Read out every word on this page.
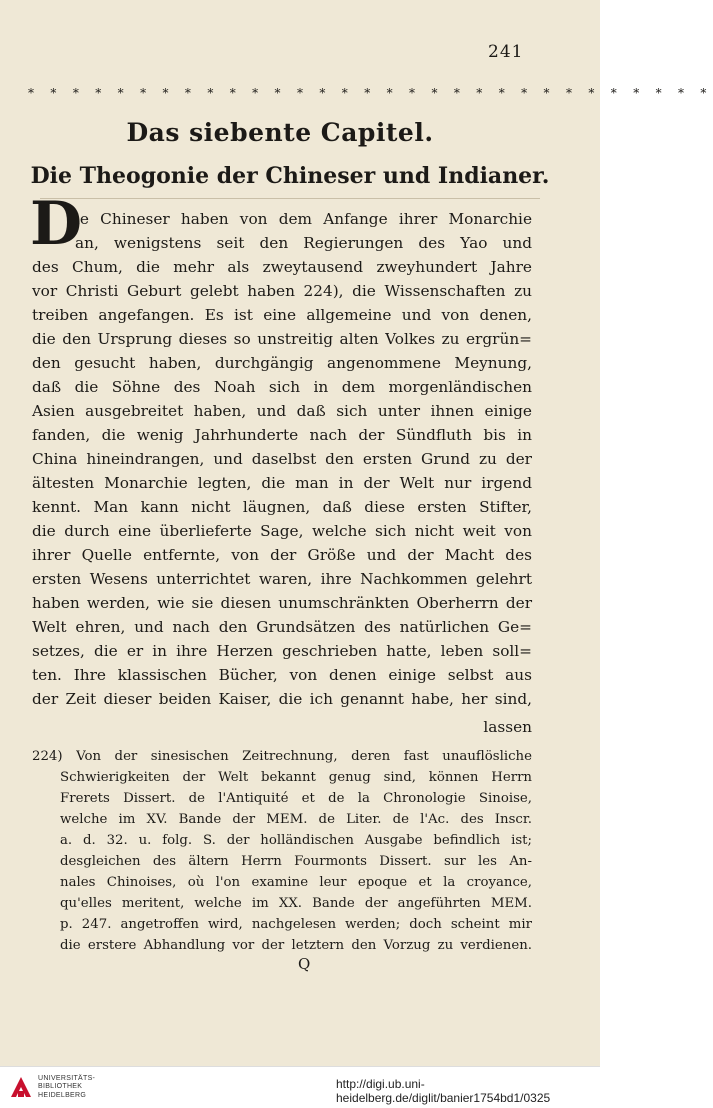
241
* * * * * * * * * * * * * * * * * * * * * * * * * * * * * * *
Das siebente Capitel.
Die Theogonie der Chineser und Indianer.
D
ie Chineser haben von dem Anfange ihrer Monarchie
an, wenigstens seit den Regierungen des Yao und
des Chum, die mehr als zweytausend zweyhundert Jahre
vor Christi Geburt gelebt haben 224), die Wissenschaften zu
treiben angefangen. Es ist eine allgemeine und von denen,
die den Ursprung dieses so unstreitig alten Volkes zu ergrün=
den gesucht haben, durchgängig angenommene Meynung,
daß die Söhne des Noah sich in dem morgenländischen
Asien ausgebreitet haben, und daß sich unter ihnen einige
fanden, die wenig Jahrhunderte nach der Sündfluth bis in
China hineindrangen, und daselbst den ersten Grund zu der
ältesten Monarchie legten, die man in der Welt nur irgend
kennt. Man kann nicht läugnen, daß diese ersten Stifter,
die durch eine überlieferte Sage, welche sich nicht weit von
ihrer Quelle entfernte, von der Größe und der Macht des
ersten Wesens unterrichtet waren, ihre Nachkommen gelehrt
haben werden, wie sie diesen unumschränkten Oberherrn der
Welt ehren, und nach den Grundsätzen des natürlichen Ge=
setzes, die er in ihre Herzen geschrieben hatte, leben soll=
ten. Ihre klassischen Bücher, von denen einige selbst aus
der Zeit dieser beiden Kaiser, die ich genannt habe, her sind,
lassen
224) Von der sinesischen Zeitrechnung, deren fast unauflösliche
Schwierigkeiten der Welt bekannt genug sind, können Herrn
Frerets Dissert. de l'Antiquité et de la Chronologie Sinoise,
welche im XV. Bande der MEM. de Liter. de l'Ac. des Inscr.
a. d. 32. u. folg. S. der holländischen Ausgabe befindlich ist;
desgleichen des ältern Herrn Fourmonts Dissert. sur les An-
nales Chinoises, où l'on examine leur epoque et la croyance,
qu'elles meritent, welche im XX. Bande der angeführten MEM.
p. 247. angetroffen wird, nachgelesen werden; doch scheint mir
die erstere Abhandlung vor der letztern den Vorzug zu verdienen.
Q
UNIVERSITÄTS-
BIBLIOTHEK
HEIDELBERG
http://digi.ub.uni-heidelberg.de/diglit/banier1754bd1/0325
